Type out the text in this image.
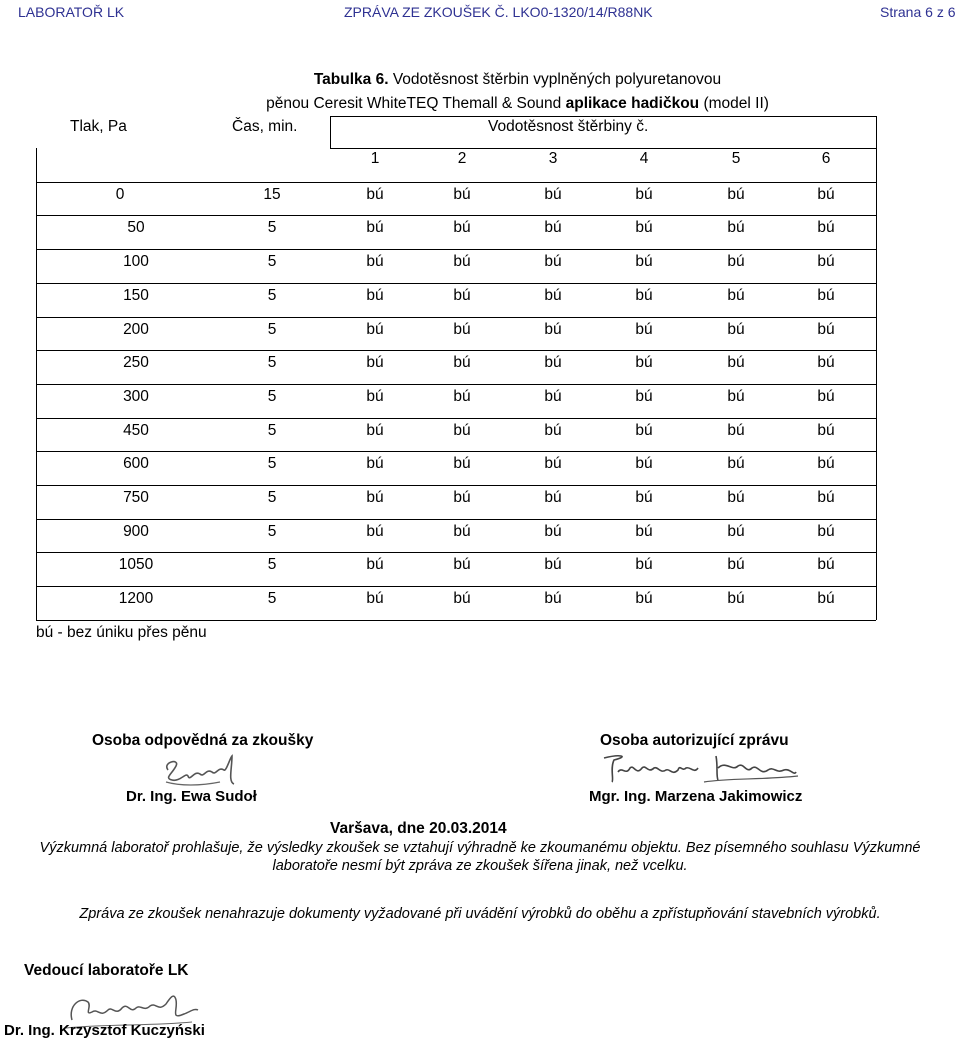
LABORATOŘ LK	ZPRÁVA ZE ZKOUŠEK Č. LKO0-1320/14/R88NK	Strana 6 z 6
Tabulka 6. Vodotěsnost štěrbin vyplněných polyuretanovou
pěnou Ceresit WhiteTEQ Themall & Sound aplikace hadičkou (model II)
Tlak, Pa	Čas, min.	Vodotěsnost štěrbiny č.
1	2	3	4	5	6
0	15	bú	bú	bú	bú	bú	bú
50	5	bú	bú	bú	bú	bú	bú
100	5	bú	bú	bú	bú	bú	bú
150	5	bú	bú	bú	bú	bú	bú
200	5	bú	bú	bú	bú	bú	bú
250	5	bú	bú	bú	bú	bú	bú
300	5	bú	bú	bú	bú	bú	bú
450	5	bú	bú	bú	bú	bú	bú
600	5	bú	bú	bú	bú	bú	bú
750	5	bú	bú	bú	bú	bú	bú
900	5	bú	bú	bú	bú	bú	bú
1050	5	bú	bú	bú	bú	bú	bú
1200	5	bú	bú	bú	bú	bú	bú
bú - bez úniku přes pěnu
Osoba odpovědná za zkoušky	Osoba autorizující zprávu
Dr. Ing. Ewa Sudoł	Mgr. Ing. Marzena Jakimowicz
Varšava, dne 20.03.2014
Výzkumná laboratoř prohlašuje, že výsledky zkoušek se vztahují výhradně ke zkoumanému objektu. Bez písemného souhlasu Výzkumné
laboratoře nesmí být zpráva ze zkoušek šířena jinak, než vcelku.
Zpráva ze zkoušek nenahrazuje dokumenty vyžadované při uvádění výrobků do oběhu a zpřístupňování stavebních výrobků.
Vedoucí laboratoře LK
Dr. Ing. Krzysztof Kuczyński
